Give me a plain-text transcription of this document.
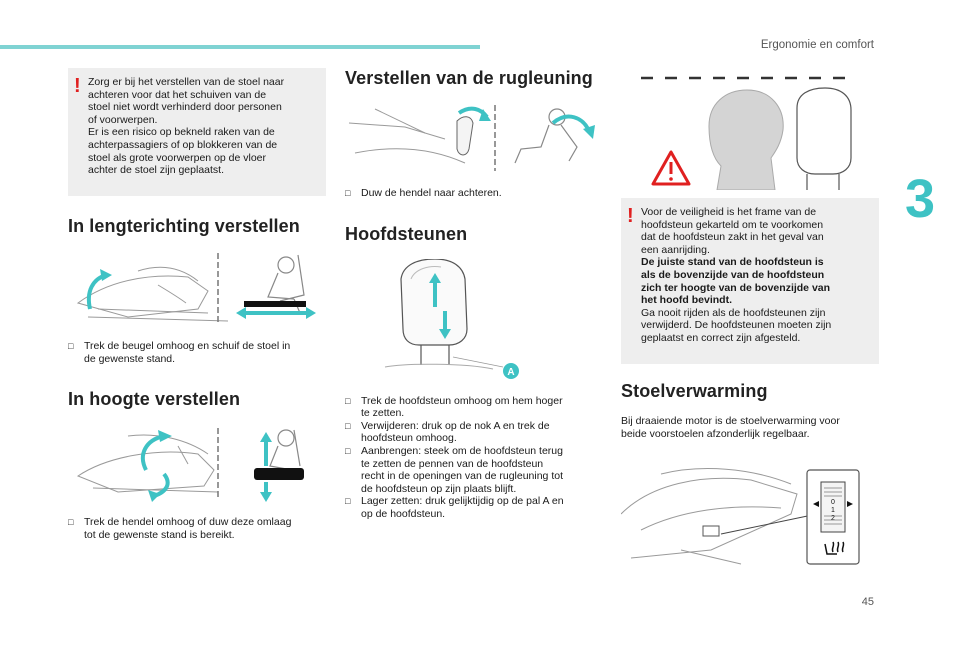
Ergonomie en comfort
3
45
! Zorg er bij het verstellen van de stoel naar

achteren voor dat het schuiven van de

stoel niet wordt verhinderd door personen

of voorwerpen.

Er is een risico op bekneld raken van de

achterpassagiers of op blokkeren van de

stoel als grote voorwerpen op de vloer

achter de stoel zijn geplaatst.

In lengterichting verstellen
□ Trek de beugel omhoog en schuif de stoel in
de gewenste stand.
In hoogte verstellen
□ Trek de hendel omhoog of duw deze omlaag
tot de gewenste stand is bereikt.
Verstellen van de rugleuning
□ Duw de hendel naar achteren.
Hoofdsteunen
A
□ Trek de hoofdsteun omhoog om hem hoger
te zetten.
□ Verwijderen: druk op de nok A en trek de
hoofdsteun omhoog.
□ Aanbrengen: steek om de hoofdsteun terug
te zetten de pennen van de hoofdsteun
recht in de openingen van de rugleuning tot
de hoofdsteun op zijn plaats blijft.
□ Lager zetten: druk gelijktijdig op de pal A en
op de hoofdsteun.
! Voor de veiligheid is het frame van de

hoofdsteun gekarteld om te voorkomen

dat de hoofdsteun zakt in het geval van

een aanrijding.

De juiste stand van de hoofdsteun is

als de bovenzijde van de hoofdsteun

zich ter hoogte van de bovenzijde van

het hoofd bevindt.

Ga nooit rijden als de hoofdsteunen zijn

verwijderd. De hoofdsteunen moeten zijn

geplaatst en correct zijn afgesteld.

Stoelverwarming
Bij draaiende motor is de stoelverwarming voor
beide voorstoelen afzonderlijk regelbaar.
0
1
2
